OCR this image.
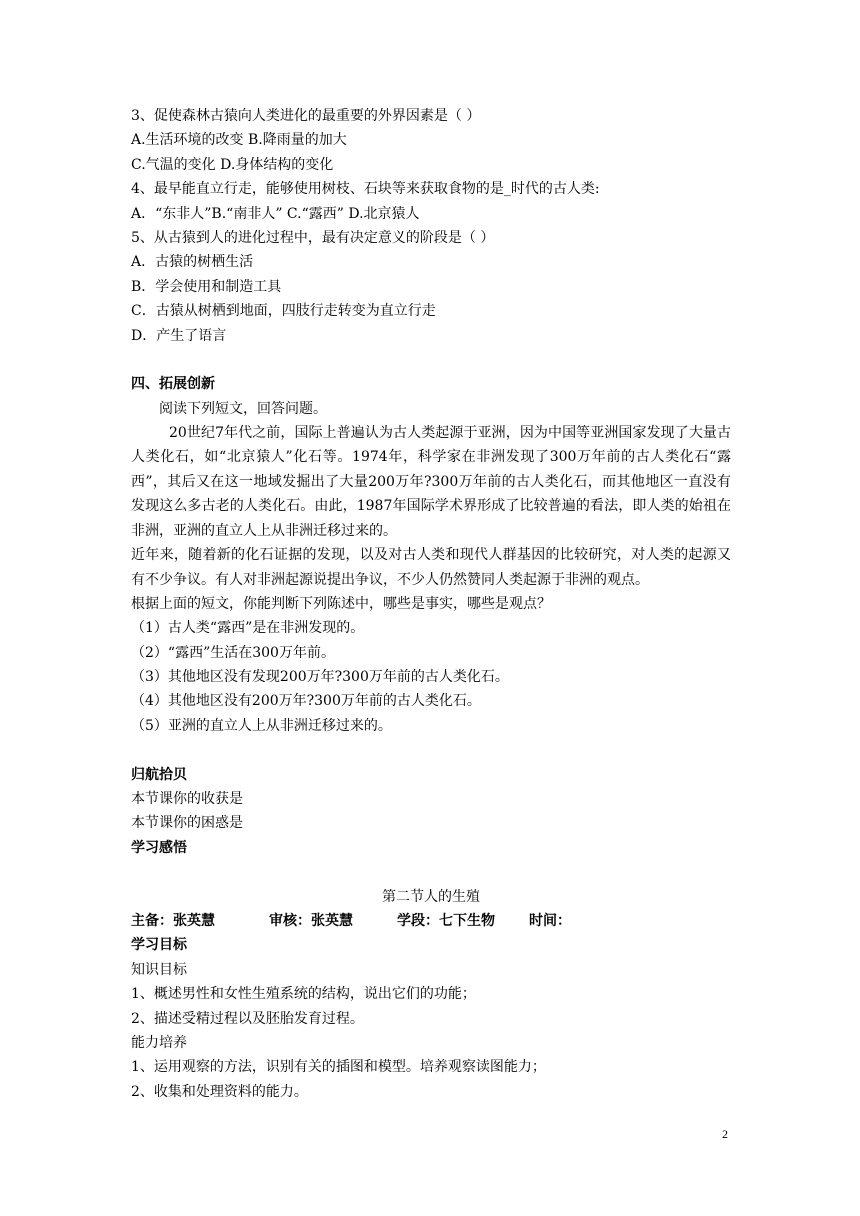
3、促使森林古猿向人类进化的最重要的外界因素是（ ）
A.生活环境的改变 B.降雨量的加大
C.气温的变化 D.身体结构的变化
4、最早能直立行走，能够使用树枝、石块等来获取食物的是_时代的古人类:
A．“东非人”B.“南非人” C.“露西” D.北京猿人
5、从古猿到人的进化过程中，最有决定意义的阶段是（ ）
A．古猿的树栖生活
B．学会使用和制造工具
C．古猿从树栖到地面，四肢行走转变为直立行走
D．产生了语言
四、拓展创新
阅读下列短文，回答问题。
20世纪7年代之前，国际上普遍认为古人类起源于亚洲，因为中国等亚洲国家发现了大量古人类化石，如“北京猿人”化石等。1974年，科学家在非洲发现了300万年前的古人类化石“露西”，其后又在这一地域发掘出了大量200万年?300万年前的古人类化石，而其他地区一直没有发现这么多古老的人类化石。由此，1987年国际学术界形成了比较普遍的看法，即人类的始祖在非洲，亚洲的直立人上从非洲迁移过来的。
近年来，随着新的化石证据的发现，以及对古人类和现代人群基因的比较研究，对人类的起源又有不少争议。有人对非洲起源说提出争议，不少人仍然赞同人类起源于非洲的观点。
根据上面的短文，你能判断下列陈述中，哪些是事实，哪些是观点？
（1）古人类“露西”是在非洲发现的。
（2）“露西”生活在300万年前。
（3）其他地区没有发现200万年?300万年前的古人类化石。
（4）其他地区没有200万年?300万年前的古人类化石。
（5）亚洲的直立人上从非洲迁移过来的。
归航拾贝
本节课你的收获是
本节课你的困惑是
学习感悟
第二节人的生殖
主备：张英慧	审核：张英慧	学段：七下生物 时间：
学习目标
知识目标
1、概述男性和女性生殖系统的结构，说出它们的功能；
2、描述受精过程以及胚胎发育过程。
能力培养
1、运用观察的方法，识别有关的插图和模型。培养观察读图能力；
2、收集和处理资料的能力。
2
